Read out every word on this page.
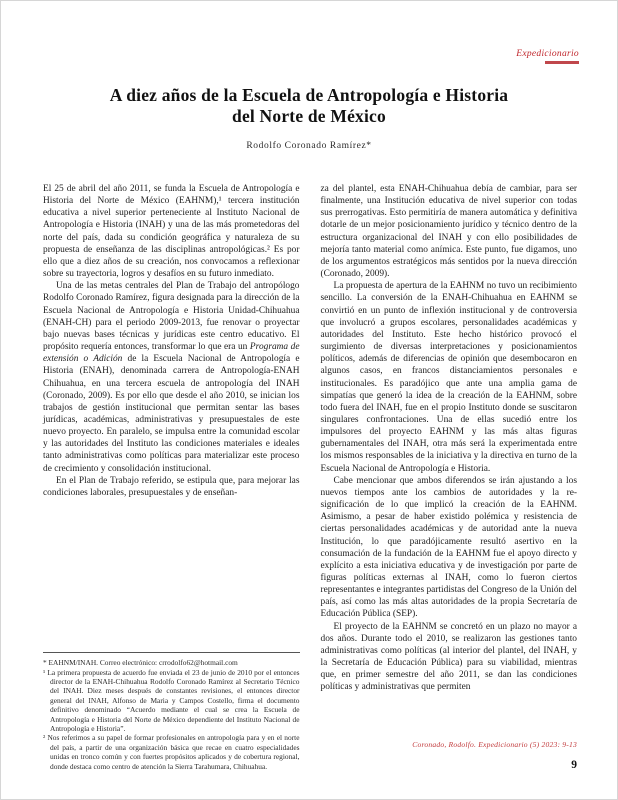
Expedicionario
A diez años de la Escuela de Antropología e Historia
del Norte de México
Rodolfo Coronado Ramírez*

El 25 de abril del año 2011, se funda la Escuela de Antropología e Historia del Norte de México (EAHNM),¹ tercera institución educativa a nivel superior perteneciente al Instituto Nacional de Antropología e Historia (INAH) y una de las más prometedoras del norte del país, dada su condición geográfica y naturaleza de su propuesta de enseñanza de las disciplinas antropológicas.² Es por ello que a diez años de su creación, nos convocamos a reflexionar sobre su trayectoria, logros y desafíos en su futuro inmediato.

Una de las metas centrales del Plan de Trabajo del antropólogo Rodolfo Coronado Ramírez, figura designada para la dirección de la Escuela Nacional de Antropología e Historia Unidad-Chihuahua (ENAH-CH) para el periodo 2009-2013, fue renovar o proyectar bajo nuevas bases técnicas y jurídicas este centro educativo. El propósito requería entonces, transformar lo que era un Programa de extensión o Adición de la Escuela Nacional de Antropología e Historia (ENAH), denominada carrera de Antropología-ENAH Chihuahua, en una tercera escuela de antropología del INAH (Coronado, 2009). Es por ello que desde el año 2010, se inician los trabajos de gestión institucional que permitan sentar las bases jurídicas, académicas, administrativas y presupuestales de este nuevo proyecto. En paralelo, se impulsa entre la comunidad escolar y las autoridades del Instituto las condiciones materiales e ideales tanto administrativas como políticas para materializar este proceso de crecimiento y consolidación institucional.

En el Plan de Trabajo referido, se estipula que, para mejorar las condiciones laborales, presupuestales y de enseñan-

* EAHNM/INAH. Correo electrónico: crrodolfo62@hotmail.com

¹ La primera propuesta de acuerdo fue enviada el 23 de junio de 2010 por el entonces director de la ENAH-Chihuahua Rodolfo Coronado Ramírez al Secretario Técnico del INAH. Diez meses después de constantes revisiones, el entonces director general del INAH, Alfonso de Maria y Campos Costello, firma el documento definitivo denominado “Acuerdo mediante el cual se crea la Escuela de Antropología e Historia del Norte de México dependiente del Instituto Nacional de Antropología e Historia”.

² Nos referimos a su papel de formar profesionales en antropología para y en el norte del país, a partir de una organización básica que recae en cuatro especialidades unidas en tronco común y con fuertes propósitos aplicados y de cobertura regional, donde destaca como centro de atención la Sierra Tarahumara, Chihuahua.

za del plantel, esta ENAH-Chihuahua debía de cambiar, para ser finalmente, una Institución educativa de nivel superior con todas sus prerrogativas. Esto permitiría de manera automática y definitiva dotarle de un mejor posicionamiento jurídico y técnico dentro de la estructura organizacional del INAH y con ello posibilidades de mejoría tanto material como anímica. Este punto, fue digamos, uno de los argumentos estratégicos más sentidos por la nueva dirección (Coronado, 2009).

La propuesta de apertura de la EAHNM no tuvo un recibimiento sencillo. La conversión de la ENAH-Chihuahua en EAHNM se convirtió en un punto de inflexión institucional y de controversia que involucró a grupos escolares, personalidades académicas y autoridades del Instituto. Este hecho histórico provocó el surgimiento de diversas interpretaciones y posicionamientos políticos, además de diferencias de opinión que desembocaron en algunos casos, en francos distanciamientos personales e institucionales. Es paradójico que ante una amplia gama de simpatías que generó la idea de la creación de la EAHNM, sobre todo fuera del INAH, fue en el propio Instituto donde se suscitaron singulares confrontaciones. Una de ellas sucedió entre los impulsores del proyecto EAHNM y las más altas figuras gubernamentales del INAH, otra más será la experimentada entre los mismos responsables de la iniciativa y la directiva en turno de la Escuela Nacional de Antropología e Historia.

Cabe mencionar que ambos diferendos se irán ajustando a los nuevos tiempos ante los cambios de autoridades y la re-significación de lo que implicó la creación de la EAHNM. Asimismo, a pesar de haber existido polémica y resistencia de ciertas personalidades académicas y de autoridad ante la nueva Institución, lo que paradójicamente resultó asertivo en la consumación de la fundación de la EAHNM fue el apoyo directo y explícito a esta iniciativa educativa y de investigación por parte de figuras políticas externas al INAH, como lo fueron ciertos representantes e integrantes partidistas del Congreso de la Unión del país, así como las más altas autoridades de la propia Secretaría de Educación Pública (SEP).

El proyecto de la EAHNM se concretó en un plazo no mayor a dos años. Durante todo el 2010, se realizaron las gestiones tanto administrativas como políticas (al interior del plantel, del INAH, y la Secretaría de Educación Pública) para su viabilidad, mientras que, en primer semestre del año 2011, se dan las condiciones políticas y administrativas que permiten

Coronado, Rodolfo. Expedicionario (5) 2023: 9-13
9
